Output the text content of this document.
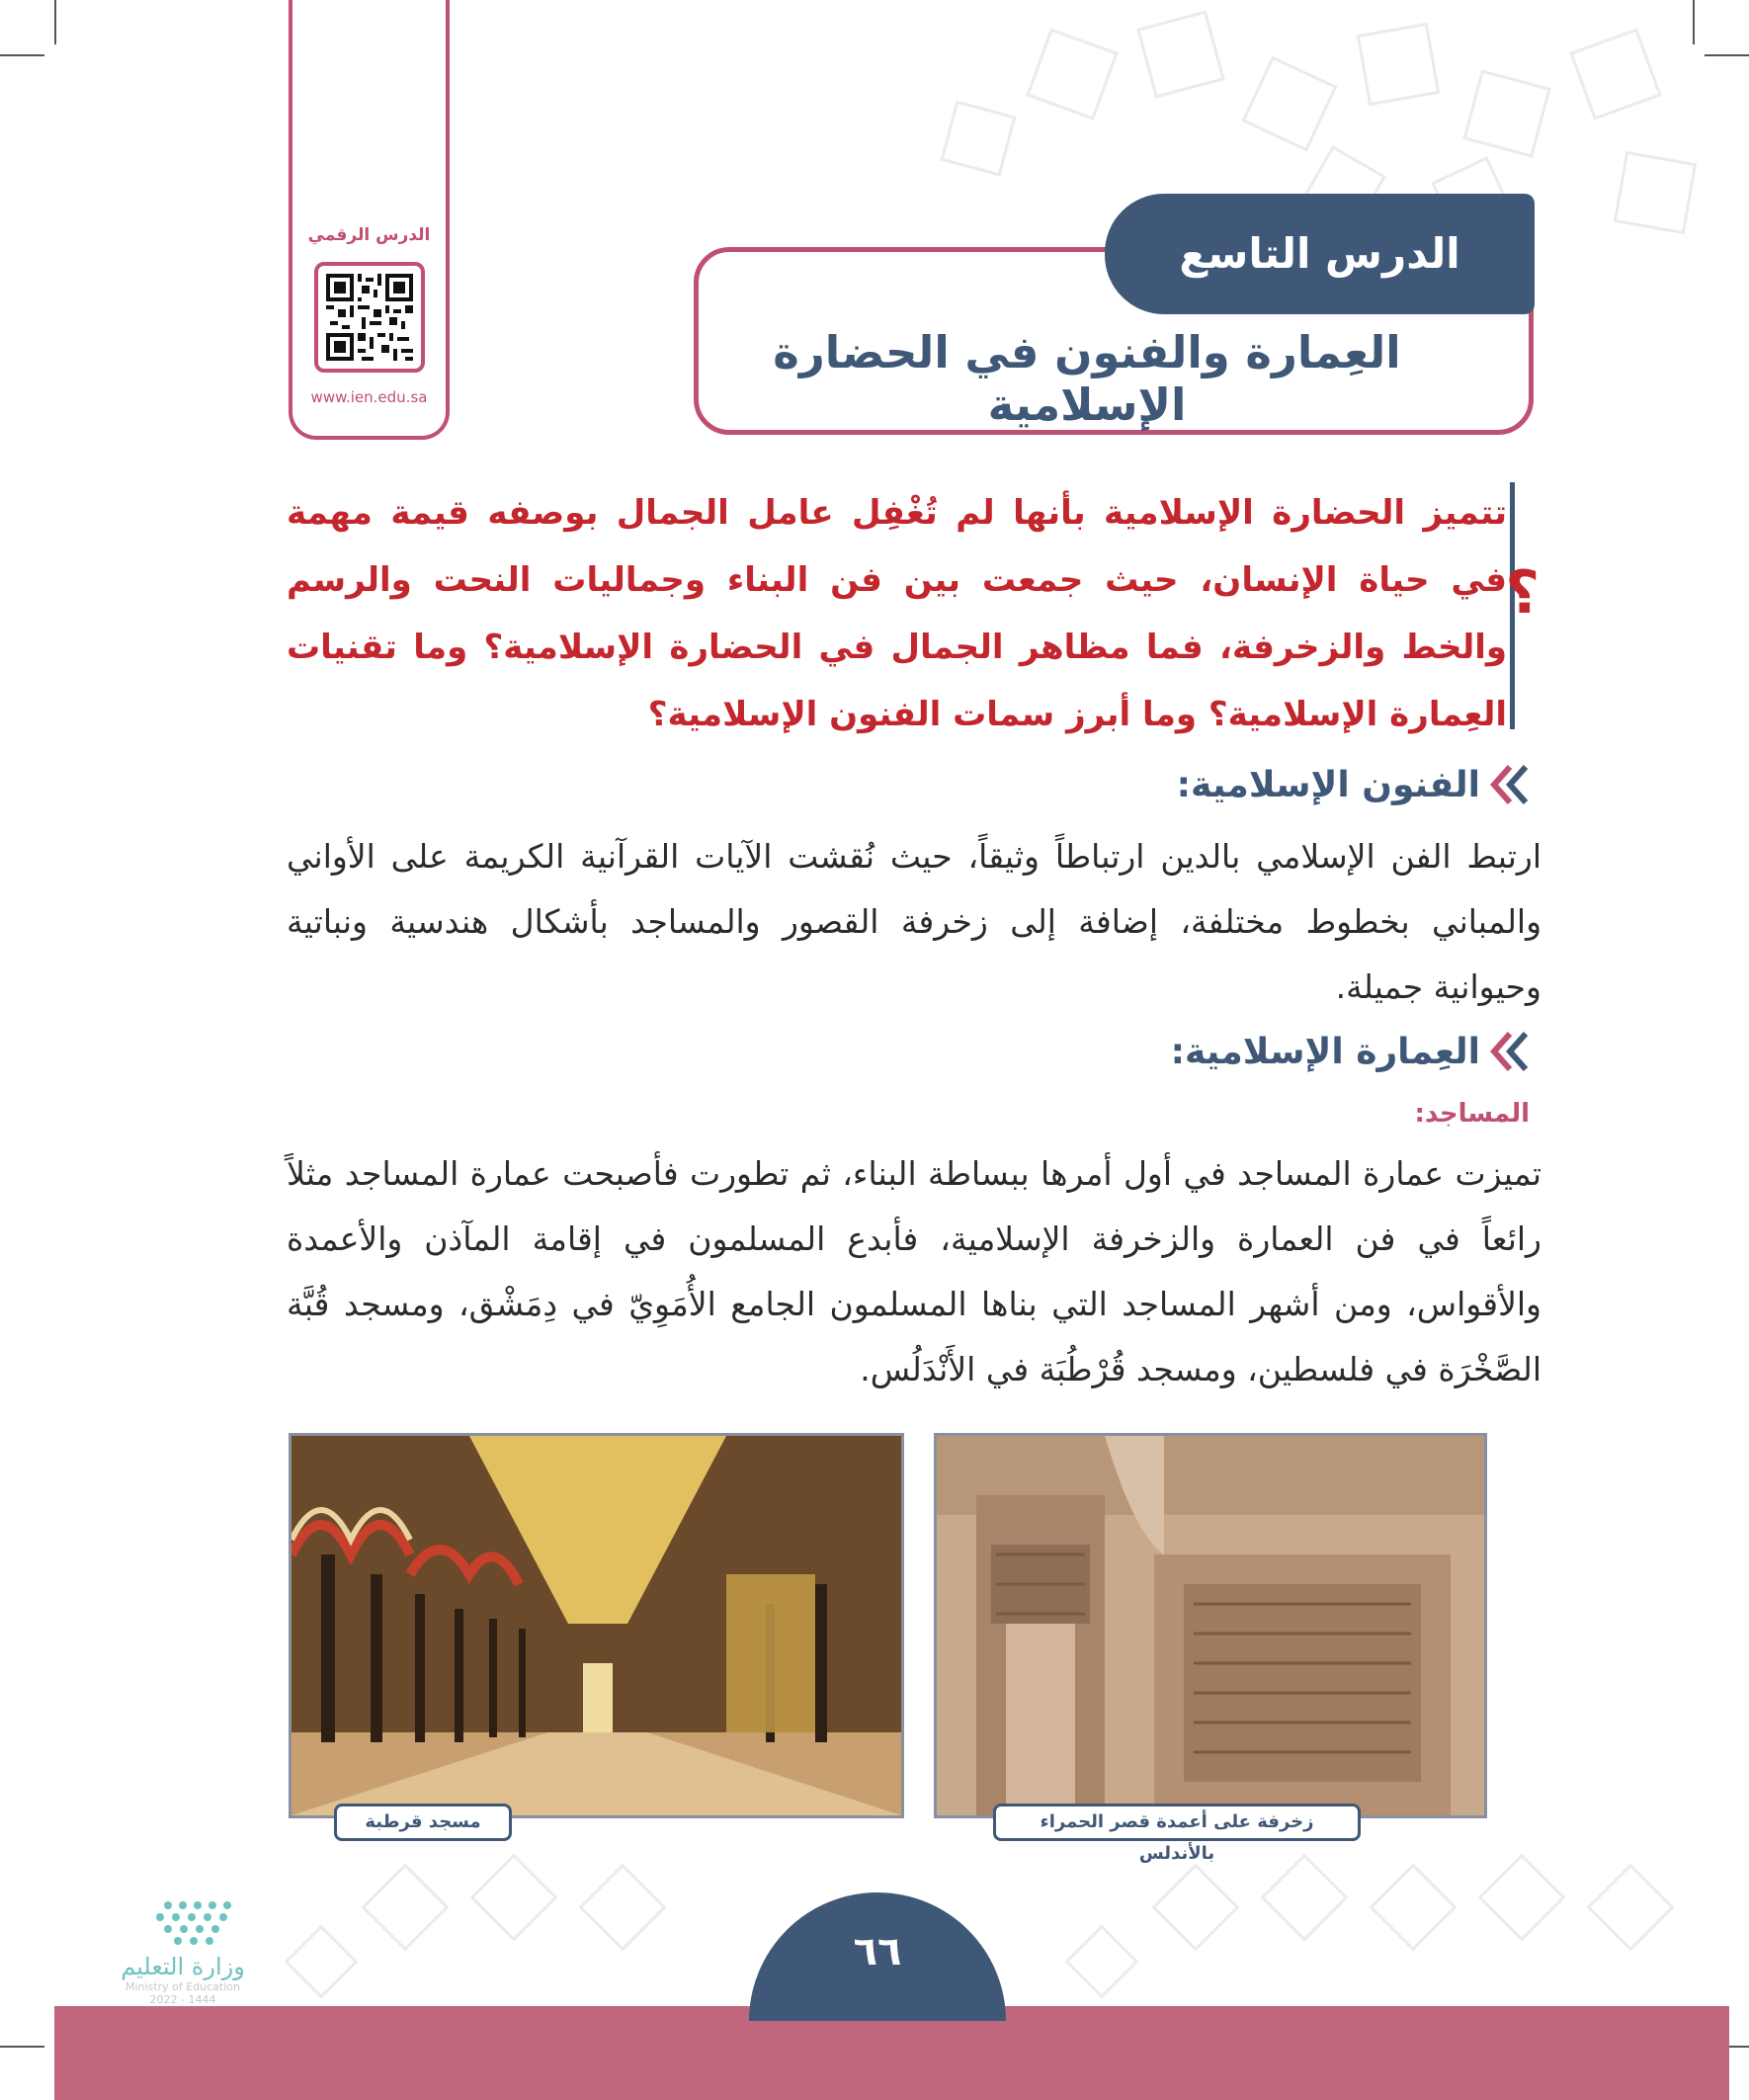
الدرس الرقمي
www.ien.edu.sa
الدرس التاسع
العِمارة والفنون في الحضارة الإسلامية
؟
تتميز الحضارة الإسلامية بأنها لم تُغْفِل عامل الجمال بوصفه قيمة مهمة في حياة الإنسان، حيث جمعت بين فن البناء وجماليات النحت والرسم والخط والزخرفة، فما مظاهر الجمال في الحضارة الإسلامية؟ وما تقنيات العِمارة الإسلامية؟ وما أبرز سمات الفنون الإسلامية؟
الفنون الإسلامية:
ارتبط الفن الإسلامي بالدين ارتباطاً وثيقاً، حيث نُقشت الآيات القرآنية الكريمة على الأواني والمباني بخطوط مختلفة، إضافة إلى زخرفة القصور والمساجد بأشكال هندسية ونباتية وحيوانية جميلة.
العِمارة الإسلامية:
المساجد:
تميزت عمارة المساجد في أول أمرها ببساطة البناء، ثم تطورت فأصبحت عمارة المساجد مثلاً رائعاً في فن العمارة والزخرفة الإسلامية، فأبدع المسلمون في إقامة المآذن والأعمدة والأقواس، ومن أشهر المساجد التي بناها المسلمون الجامع الأُمَوِيّ في دِمَشْق، ومسجد قُبَّة الصَّخْرَة في فلسطين، ومسجد قُرْطُبَة في الأَنْدَلُس.
زخرفة على أعمدة قصر الحمراء بالأندلس
مسجد قرطبة
٦٦
وزارة التعليم
Ministry of Education
2022 - 1444
